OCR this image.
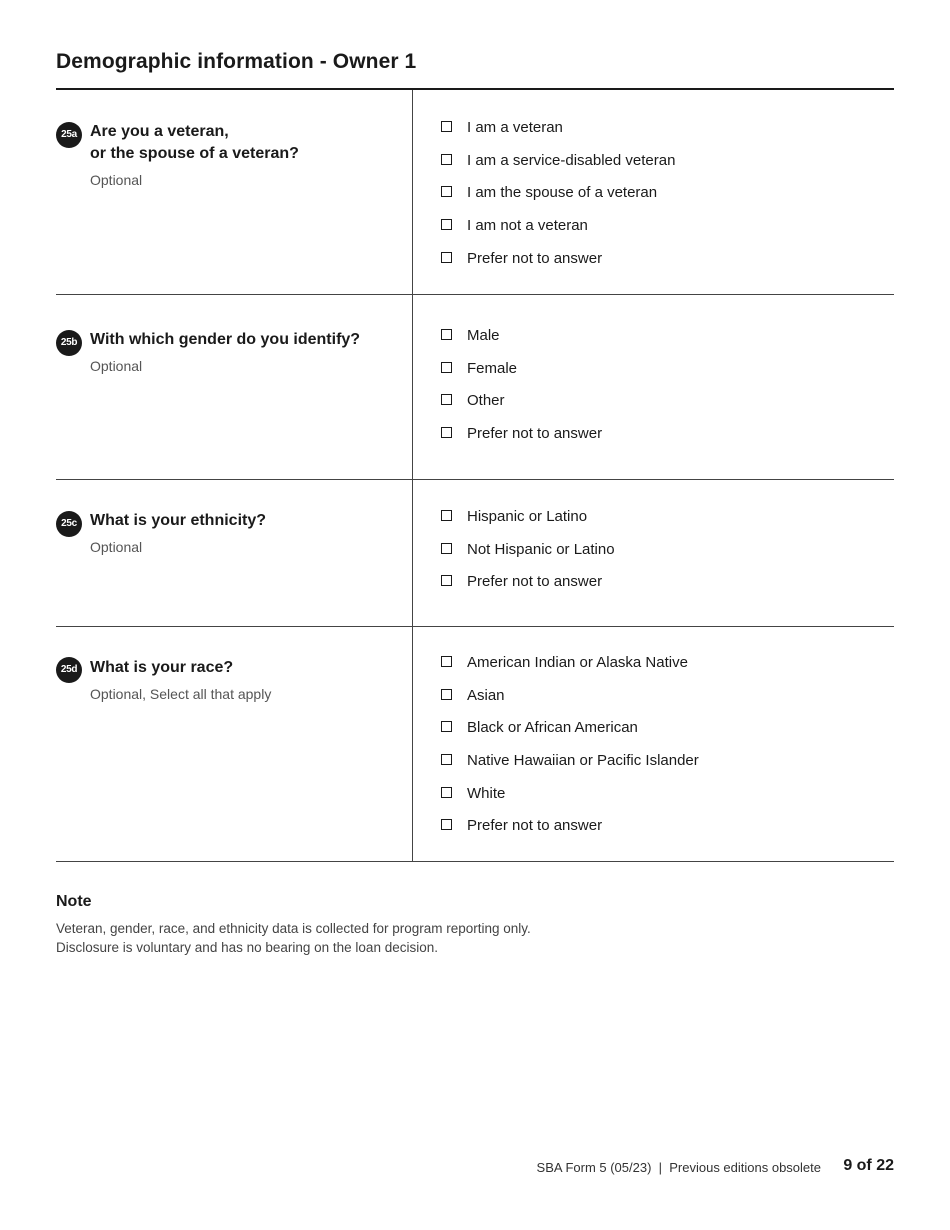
Demographic information - Owner 1
25a Are you a veteran,
or the spouse of a veteran?
Optional
I am a veteran
I am a service-disabled veteran
I am the spouse of a veteran
I am not a veteran
Prefer not to answer
25b With which gender do you identify?
Optional
Male
Female
Other
Prefer not to answer
25c What is your ethnicity?
Optional
Hispanic or Latino
Not Hispanic or Latino
Prefer not to answer
25d What is your race?
Optional, Select all that apply
American Indian or Alaska Native
Asian
Black or African American
Native Hawaiian or Pacific Islander
White
Prefer not to answer
Note
Veteran, gender, race, and ethnicity data is collected for program reporting only.
Disclosure is voluntary and has no bearing on the loan decision.
SBA Form 5 (05/23)  |  Previous editions obsolete 9 of 22
